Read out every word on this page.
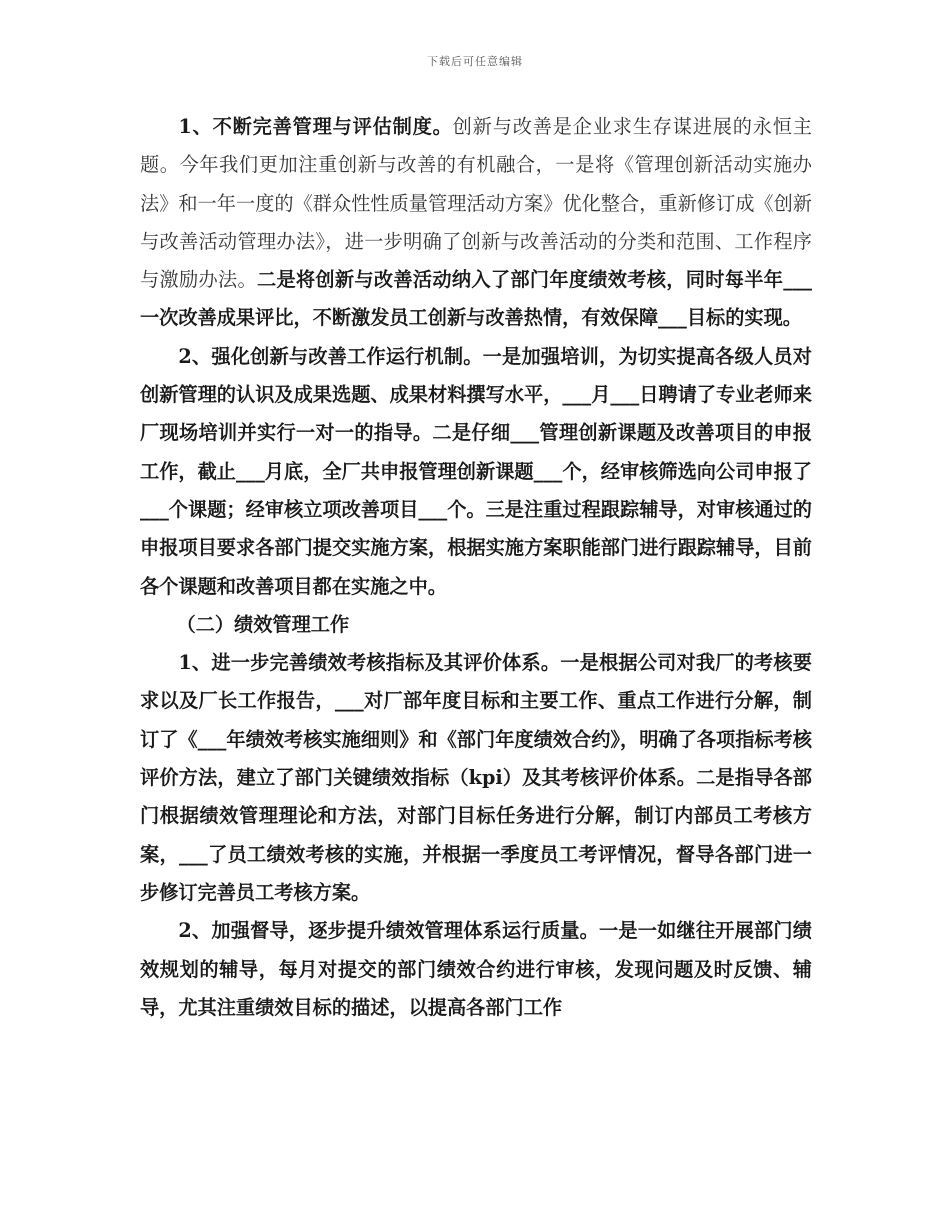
下载后可任意编辑

1、不断完善管理与评估制度。创新与改善是企业求生存谋进展的永恒主题。今年我们更加注重创新与改善的有机融合，一是将《管理创新活动实施办法》和一年一度的《群众性性质量管理活动方案》优化整合，重新修订成《创新与改善活动管理办法》，进一步明确了创新与改善活动的分类和范围、工作程序与激励办法。二是将创新与改善活动纳入了部门年度绩效考核，同时每半年___一次改善成果评比，不断激发员工创新与改善热情，有效保障___目标的实现。

2、强化创新与改善工作运行机制。一是加强培训，为切实提高各级人员对创新管理的认识及成果选题、成果材料撰写水平，___月___日聘请了专业老师来厂现场培训并实行一对一的指导。二是仔细___管理创新课题及改善项目的申报工作，截止___月底，全厂共申报管理创新课题___个，经审核筛选向公司申报了___个课题；经审核立项改善项目___个。三是注重过程跟踪辅导，对审核通过的申报项目要求各部门提交实施方案，根据实施方案职能部门进行跟踪辅导，目前各个课题和改善项目都在实施之中。

（二）绩效管理工作

1、进一步完善绩效考核指标及其评价体系。一是根据公司对我厂的考核要求以及厂长工作报告，___对厂部年度目标和主要工作、重点工作进行分解，制订了《___年绩效考核实施细则》和《部门年度绩效合约》，明确了各项指标考核评价方法，建立了部门关键绩效指标（kpi）及其考核评价体系。二是指导各部门根据绩效管理理论和方法，对部门目标任务进行分解，制订内部员工考核方案，___了员工绩效考核的实施，并根据一季度员工考评情况，督导各部门进一步修订完善员工考核方案。

2、加强督导，逐步提升绩效管理体系运行质量。一是一如继往开展部门绩效规划的辅导，每月对提交的部门绩效合约进行审核，发现问题及时反馈、辅导，尤其注重绩效目标的描述，以提高各部门工作
